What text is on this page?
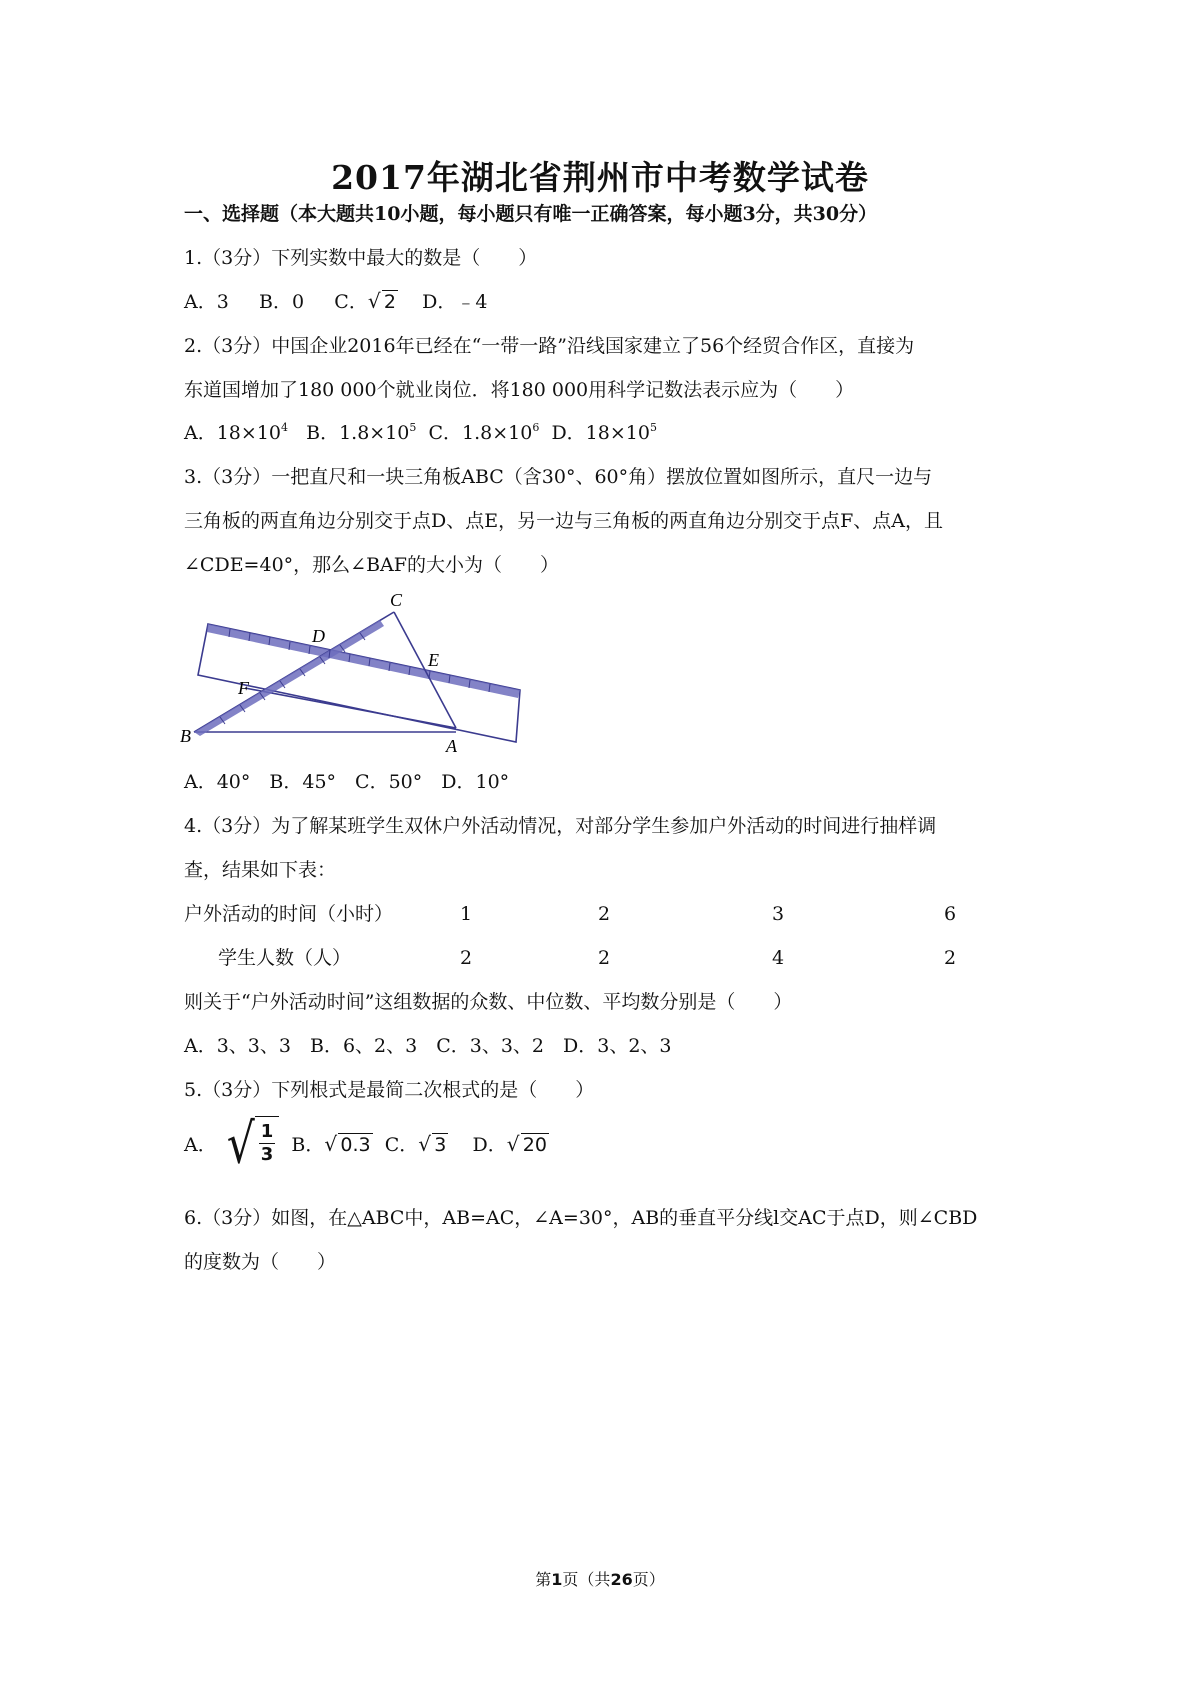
2017年湖北省荆州市中考数学试卷
一、选择题（本大题共10小题，每小题只有唯一正确答案，每小题3分，共30分）
1.（3分）下列实数中最大的数是（　　）
A．3 B．0 C． √ 2 D．﹣4
2.（3分）中国企业2016年已经在“一带一路”沿线国家建立了56个经贸合作区，直接为
东道国增加了180 000个就业岗位．将180 000用科学记数法表示应为（　　）
A．$18\times 10^4$ B．$1.8\times 10^5$ C．$1.8\times 10^6$ D．$18\times 10^5$
3.（3分）一把直尺和一块三角板ABC（含30°、60°角）摆放位置如图所示，直尺一边与
三角板的两直角边分别交于点D、点E，另一边与三角板的两直角边分别交于点F、点A，且
∠CDE=40°，那么∠BAF的大小为（　　）
C
D
E
F
B	A
A．40°　B．45°　C．50°　D．10°
4.（3分）为了解某班学生双休户外活动情况，对部分学生参加户外活动的时间进行抽样调
查，结果如下表：
户外活动的时间（小时）	1	2	3	6
学生人数（人）	2	2	4	2
则关于“户外活动时间”这组数据的众数、中位数、平均数分别是（　　）
A．3、3、3　B．6、2、3　C．3、3、2　D．3、2、3
5.（3分）下列根式是最简二次根式的是（　　）
A． √ $\frac{1}{3}$ B． √ 0.3 C． √ 3 D． √ 20
6.（3分）如图，在△ABC中，AB=AC，∠A=30°，AB的垂直平分线l交AC于点D，则∠CBD
的度数为（　　）
第1页（共26页）
